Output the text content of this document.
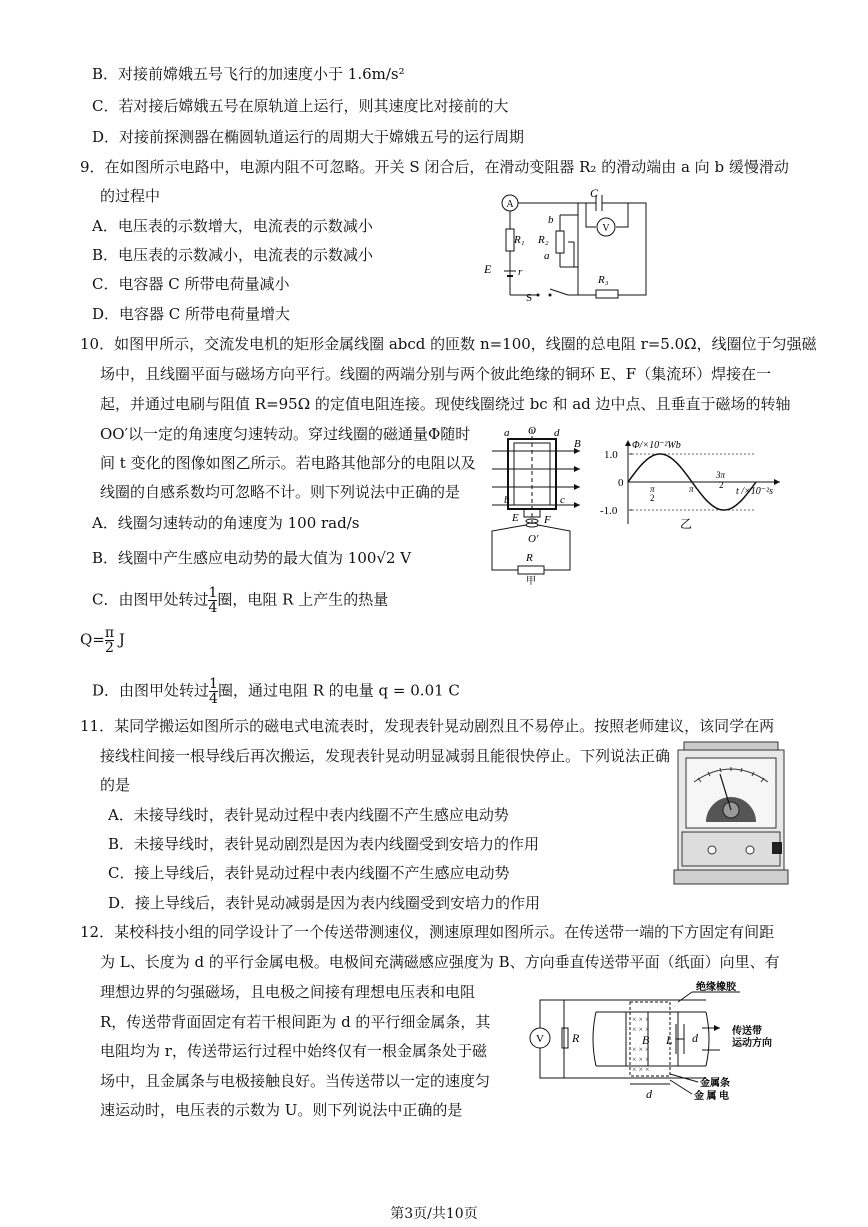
B．对接前嫦娥五号飞行的加速度小于 1.6m/s²
C．若对接后嫦娥五号在原轨道上运行，则其速度比对接前的大
D．对接前探测器在椭圆轨道运行的周期大于嫦娥五号的运行周期
9．在如图所示电路中，电源内阻不可忽略。开关 S 闭合后，在滑动变阻器 R₂ 的滑动端由 a 向 b 缓慢滑动
的过程中
A．电压表的示数增大，电流表的示数减小
B．电压表的示数减小，电流表的示数减小
C．电容器 C 所带电荷量减小
D．电容器 C 所带电荷量增大
A
V
C
b
a
R₁ R₂
R₃
E r
S
10．如图甲所示，交流发电机的矩形金属线圈 abcd 的匝数 n=100，线圈的总电阻 r=5.0Ω，线圈位于匀强磁
场中，且线圈平面与磁场方向平行。线圈的两端分别与两个彼此绝缘的铜环 E、F（集流环）焊接在一
起，并通过电刷与阻值 R=95Ω 的定值电阻连接。现使线圈绕过 bc 和 ad 边中点、且垂直于磁场的转轴
OO′以一定的角速度匀速转动。穿过线圈的磁通量Φ随时
间 t 变化的图像如图乙所示。若电路其他部分的电阻以及
线圈的自感系数均可忽略不计。则下列说法中正确的是
A．线圈匀速转动的角速度为 100 rad/s
B．线圈中产生感应电动势的最大值为 100√2 V
C．由图甲处转过 $\frac{1}{4}$ 圈，电阻 R 上产生的热量
$Q= \frac{\pi}{2}$ J
D．由图甲处转过 $\frac{1}{4}$ 圈，通过电阻 R 的电量 q = 0.01 C
a O d
B
b	c
E F
O′
R
甲
Φ/×10⁻²Wb
1.0
-1.0
0	π
2
π
3π
2
t /×10⁻²s
乙
11．某同学搬运如图所示的磁电式电流表时，发现表针晃动剧烈且不易停止。按照老师建议，该同学在两
接线柱间接一根导线后再次搬运，发现表针晃动明显减弱且能很快停止。下列说法正确
的是
A．未接导线时，表针晃动过程中表内线圈不产生感应电动势
B．未接导线时，表针晃动剧烈是因为表内线圈受到安培力的作用
C．接上导线后，表针晃动过程中表内线圈不产生感应电动势
D．接上导线后，表针晃动减弱是因为表内线圈受到安培力的作用
12．某校科技小组的同学设计了一个传送带测速仪，测速原理如图所示。在传送带一端的下方固定有间距
为 L、长度为 d 的平行金属电极。电极间充满磁感应强度为 B、方向垂直传送带平面（纸面）向里、有
理想边界的匀强磁场，且电极之间接有理想电压表和电阻
R，传送带背面固定有若干根间距为 d 的平行细金属条，其
电阻均为 r，传送带运行过程中始终仅有一根金属条处于磁
场中，且金属条与电极接触良好。当传送带以一定的速度匀
速运动时，电压表的示数为 U。则下列说法中正确的是
× × ×
× × ×
× × ×
× × ×
× × ×
V R	B L d
d
绝缘橡胶
传送带
运动方向
金属条
金 属 电
第3页/共10页
